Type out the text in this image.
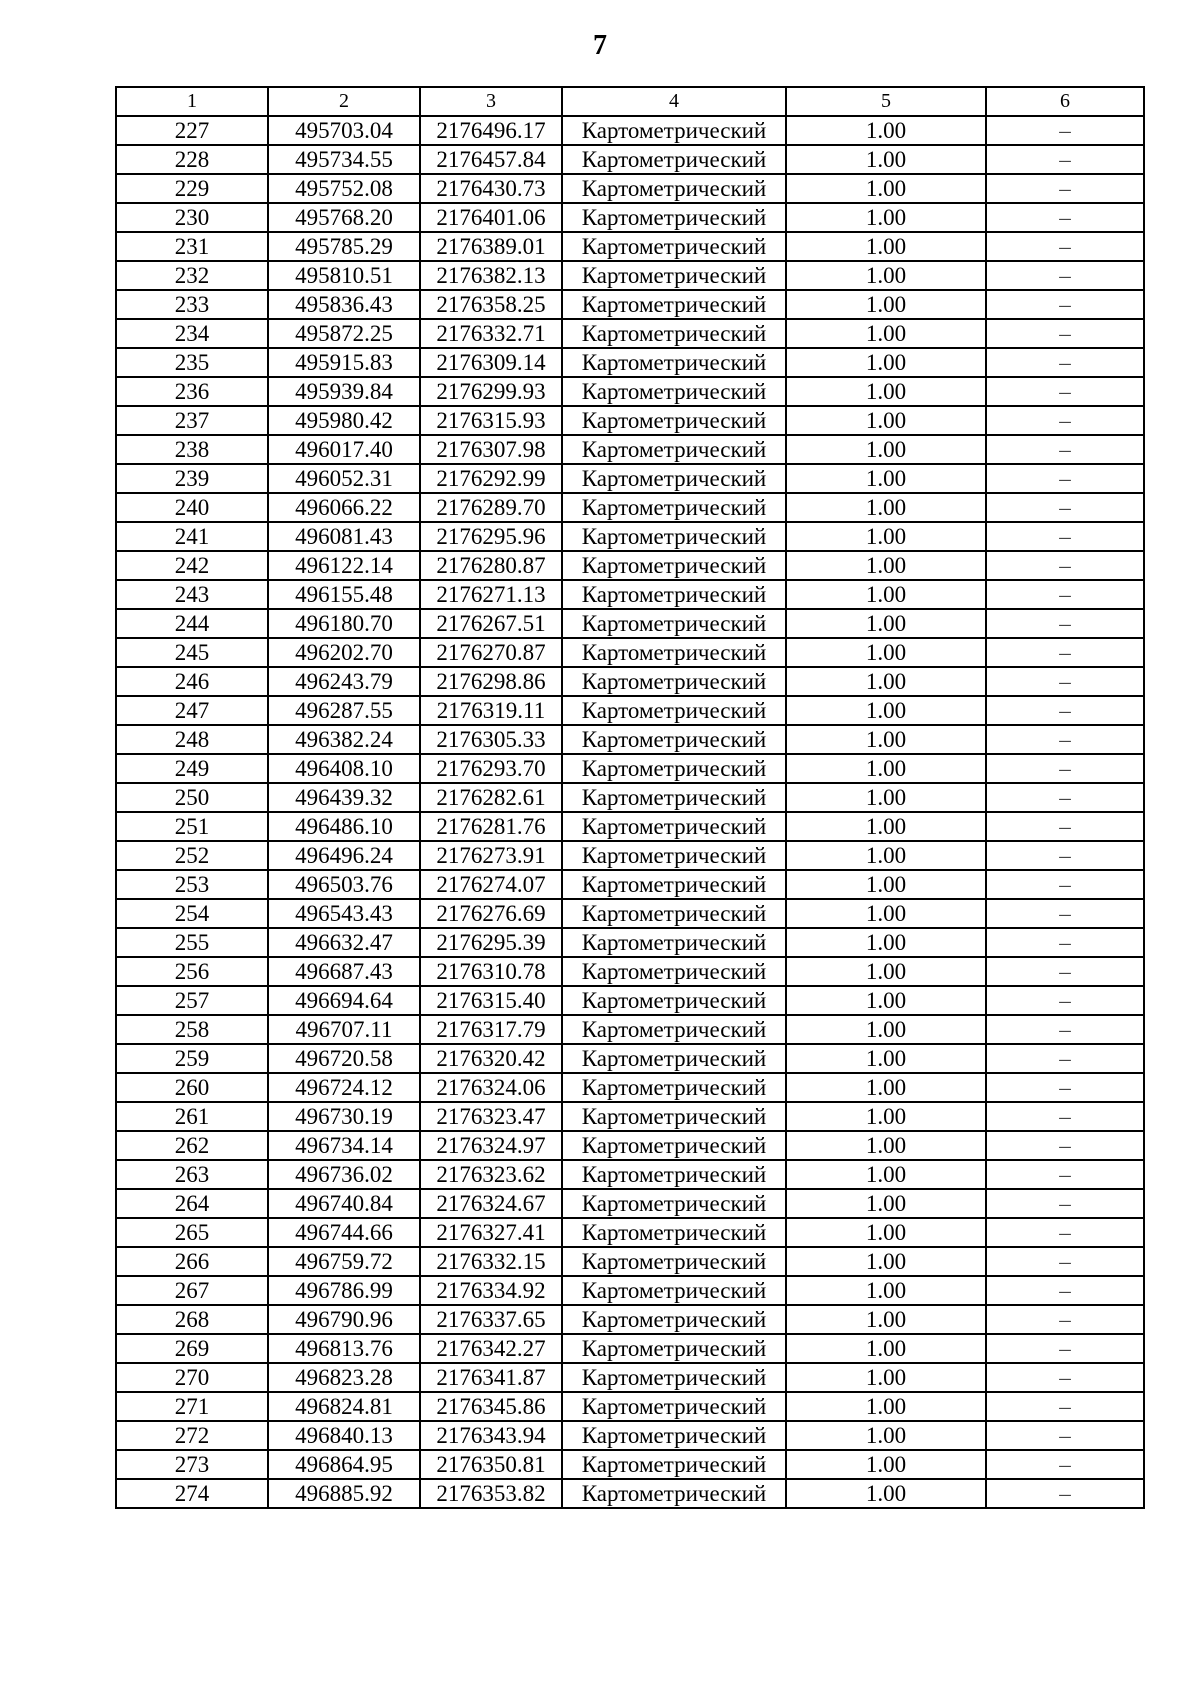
7
1	2	3	4	5	6
227	495703.04	2176496.17	Картометрический	1.00	–
228	495734.55	2176457.84	Картометрический	1.00	–
229	495752.08	2176430.73	Картометрический	1.00	–
230	495768.20	2176401.06	Картометрический	1.00	–
231	495785.29	2176389.01	Картометрический	1.00	–
232	495810.51	2176382.13	Картометрический	1.00	–
233	495836.43	2176358.25	Картометрический	1.00	–
234	495872.25	2176332.71	Картометрический	1.00	–
235	495915.83	2176309.14	Картометрический	1.00	–
236	495939.84	2176299.93	Картометрический	1.00	–
237	495980.42	2176315.93	Картометрический	1.00	–
238	496017.40	2176307.98	Картометрический	1.00	–
239	496052.31	2176292.99	Картометрический	1.00	–
240	496066.22	2176289.70	Картометрический	1.00	–
241	496081.43	2176295.96	Картометрический	1.00	–
242	496122.14	2176280.87	Картометрический	1.00	–
243	496155.48	2176271.13	Картометрический	1.00	–
244	496180.70	2176267.51	Картометрический	1.00	–
245	496202.70	2176270.87	Картометрический	1.00	–
246	496243.79	2176298.86	Картометрический	1.00	–
247	496287.55	2176319.11	Картометрический	1.00	–
248	496382.24	2176305.33	Картометрический	1.00	–
249	496408.10	2176293.70	Картометрический	1.00	–
250	496439.32	2176282.61	Картометрический	1.00	–
251	496486.10	2176281.76	Картометрический	1.00	–
252	496496.24	2176273.91	Картометрический	1.00	–
253	496503.76	2176274.07	Картометрический	1.00	–
254	496543.43	2176276.69	Картометрический	1.00	–
255	496632.47	2176295.39	Картометрический	1.00	–
256	496687.43	2176310.78	Картометрический	1.00	–
257	496694.64	2176315.40	Картометрический	1.00	–
258	496707.11	2176317.79	Картометрический	1.00	–
259	496720.58	2176320.42	Картометрический	1.00	–
260	496724.12	2176324.06	Картометрический	1.00	–
261	496730.19	2176323.47	Картометрический	1.00	–
262	496734.14	2176324.97	Картометрический	1.00	–
263	496736.02	2176323.62	Картометрический	1.00	–
264	496740.84	2176324.67	Картометрический	1.00	–
265	496744.66	2176327.41	Картометрический	1.00	–
266	496759.72	2176332.15	Картометрический	1.00	–
267	496786.99	2176334.92	Картометрический	1.00	–
268	496790.96	2176337.65	Картометрический	1.00	–
269	496813.76	2176342.27	Картометрический	1.00	–
270	496823.28	2176341.87	Картометрический	1.00	–
271	496824.81	2176345.86	Картометрический	1.00	–
272	496840.13	2176343.94	Картометрический	1.00	–
273	496864.95	2176350.81	Картометрический	1.00	–
274	496885.92	2176353.82	Картометрический	1.00	–
